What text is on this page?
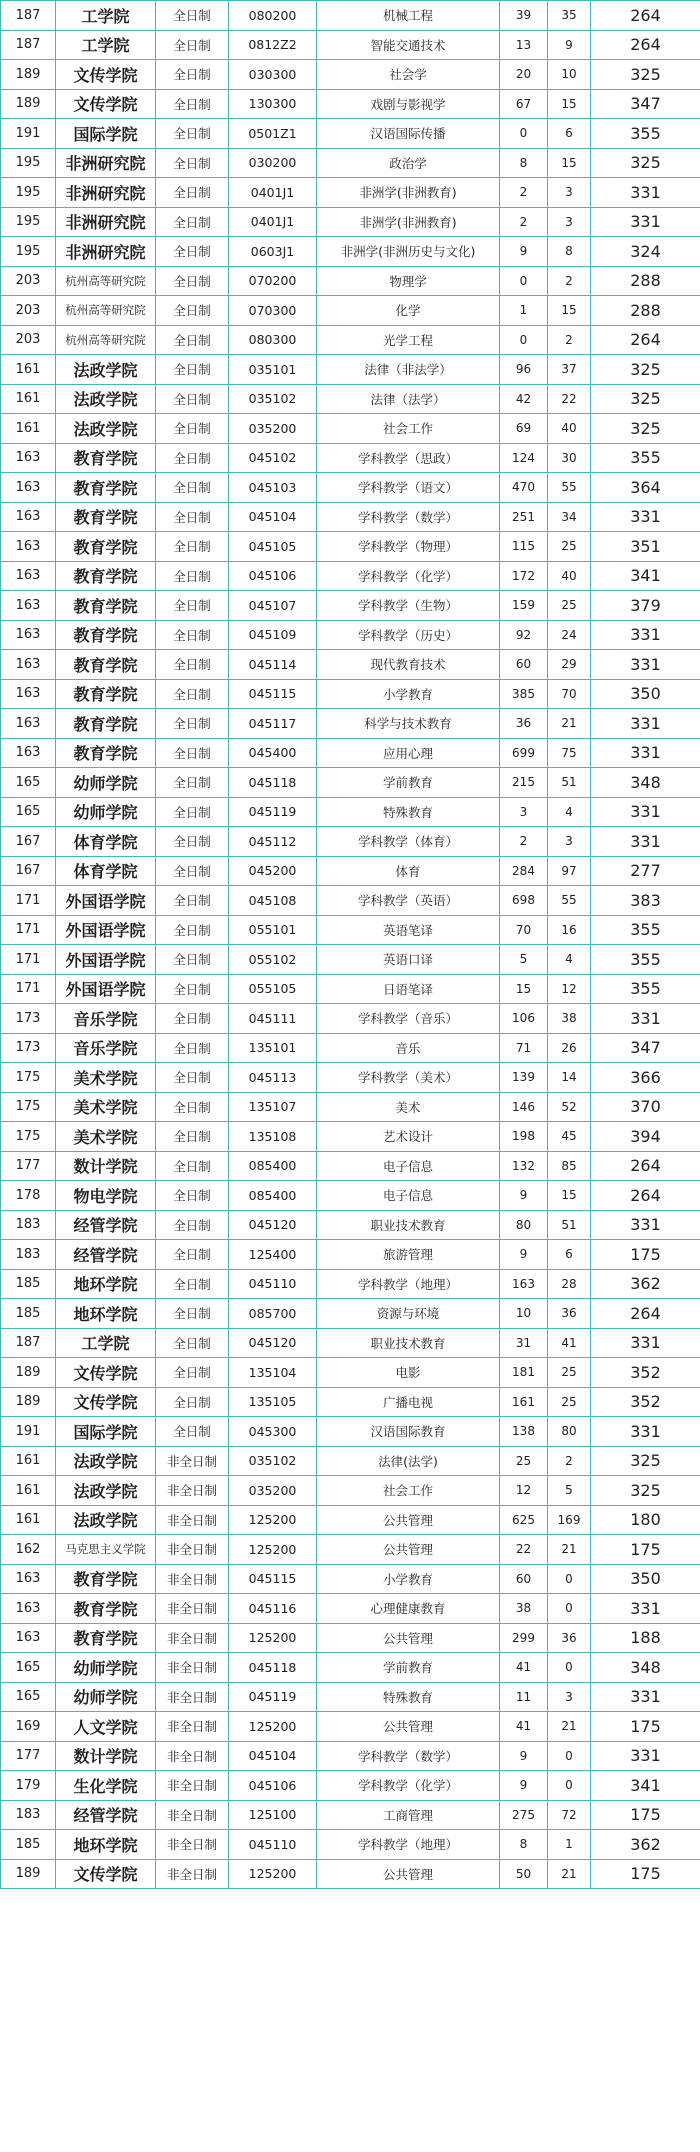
187	工学院	全日制	080200	机械工程	39	35	264
187	工学院	全日制	0812Z2	智能交通技术	13	9	264
189	文传学院	全日制	030300	社会学	20	10	325
189	文传学院	全日制	130300	戏剧与影视学	67	15	347
191	国际学院	全日制	0501Z1	汉语国际传播	0	6	355
195	非洲研究院	全日制	030200	政治学	8	15	325
195	非洲研究院	全日制	0401J1	非洲学(非洲教育)	2	3	331
195	非洲研究院	全日制	0401J1	非洲学(非洲教育)	2	3	331
195	非洲研究院	全日制	0603J1	非洲学(非洲历史与文化)	9	8	324
203	杭州高等研究院	全日制	070200	物理学	0	2	288
203	杭州高等研究院	全日制	070300	化学	1	15	288
203	杭州高等研究院	全日制	080300	光学工程	0	2	264
161	法政学院	全日制	035101	法律（非法学）	96	37	325
161	法政学院	全日制	035102	法律（法学）	42	22	325
161	法政学院	全日制	035200	社会工作	69	40	325
163	教育学院	全日制	045102	学科教学（思政）	124	30	355
163	教育学院	全日制	045103	学科教学（语文）	470	55	364
163	教育学院	全日制	045104	学科教学（数学）	251	34	331
163	教育学院	全日制	045105	学科教学（物理）	115	25	351
163	教育学院	全日制	045106	学科教学（化学）	172	40	341
163	教育学院	全日制	045107	学科教学（生物）	159	25	379
163	教育学院	全日制	045109	学科教学（历史）	92	24	331
163	教育学院	全日制	045114	现代教育技术	60	29	331
163	教育学院	全日制	045115	小学教育	385	70	350
163	教育学院	全日制	045117	科学与技术教育	36	21	331
163	教育学院	全日制	045400	应用心理	699	75	331
165	幼师学院	全日制	045118	学前教育	215	51	348
165	幼师学院	全日制	045119	特殊教育	3	4	331
167	体育学院	全日制	045112	学科教学（体育）	2	3	331
167	体育学院	全日制	045200	体育	284	97	277
171	外国语学院	全日制	045108	学科教学（英语）	698	55	383
171	外国语学院	全日制	055101	英语笔译	70	16	355
171	外国语学院	全日制	055102	英语口译	5	4	355
171	外国语学院	全日制	055105	日语笔译	15	12	355
173	音乐学院	全日制	045111	学科教学（音乐）	106	38	331
173	音乐学院	全日制	135101	音乐	71	26	347
175	美术学院	全日制	045113	学科教学（美术）	139	14	366
175	美术学院	全日制	135107	美术	146	52	370
175	美术学院	全日制	135108	艺术设计	198	45	394
177	数计学院	全日制	085400	电子信息	132	85	264
178	物电学院	全日制	085400	电子信息	9	15	264
183	经管学院	全日制	045120	职业技术教育	80	51	331
183	经管学院	全日制	125400	旅游管理	9	6	175
185	地环学院	全日制	045110	学科教学（地理）	163	28	362
185	地环学院	全日制	085700	资源与环境	10	36	264
187	工学院	全日制	045120	职业技术教育	31	41	331
189	文传学院	全日制	135104	电影	181	25	352
189	文传学院	全日制	135105	广播电视	161	25	352
191	国际学院	全日制	045300	汉语国际教育	138	80	331
161	法政学院	非全日制	035102	法律(法学)	25	2	325
161	法政学院	非全日制	035200	社会工作	12	5	325
161	法政学院	非全日制	125200	公共管理	625	169	180
162	马克思主义学院	非全日制	125200	公共管理	22	21	175
163	教育学院	非全日制	045115	小学教育	60	0	350
163	教育学院	非全日制	045116	心理健康教育	38	0	331
163	教育学院	非全日制	125200	公共管理	299	36	188
165	幼师学院	非全日制	045118	学前教育	41	0	348
165	幼师学院	非全日制	045119	特殊教育	11	3	331
169	人文学院	非全日制	125200	公共管理	41	21	175
177	数计学院	非全日制	045104	学科教学（数学）	9	0	331
179	生化学院	非全日制	045106	学科教学（化学）	9	0	341
183	经管学院	非全日制	125100	工商管理	275	72	175
185	地环学院	非全日制	045110	学科教学（地理）	8	1	362
189	文传学院	非全日制	125200	公共管理	50	21	175
